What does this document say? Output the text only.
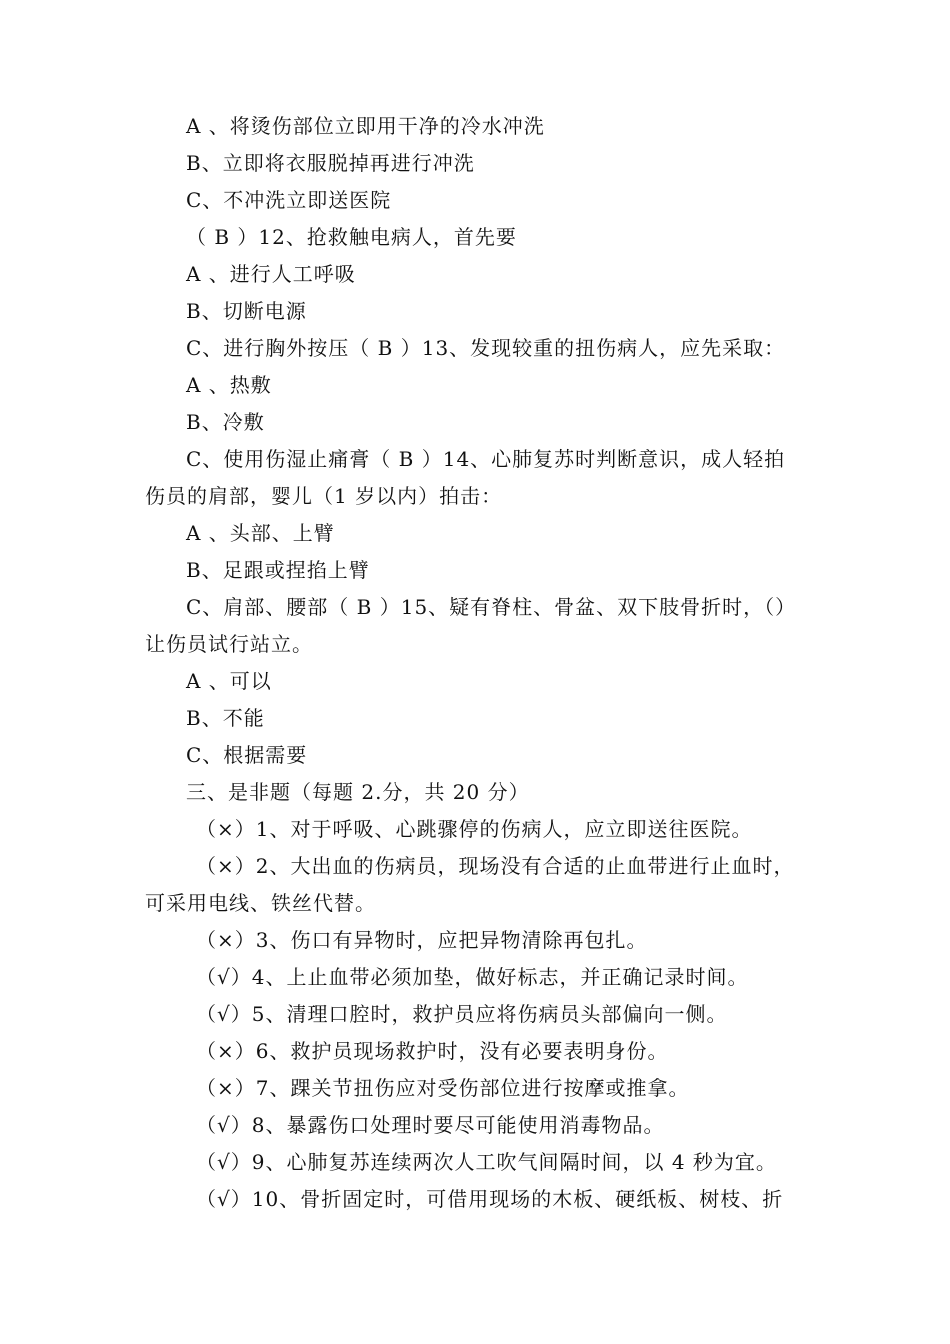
A 、将烫伤部位立即用干净的冷水冲洗
B、立即将衣服脱掉再进行冲洗
C、不冲洗立即送医院
（ B ）12、抢救触电病人，首先要
A 、进行人工呼吸
B、切断电源
C、进行胸外按压（ B ）13、发现较重的扭伤病人，应先采取：
A 、热敷
B、冷敷
C、使用伤湿止痛膏（ B ）14、心肺复苏时判断意识，成人轻拍
伤员的肩部，婴儿（1 岁以内）拍击：
A 、头部、上臂
B、足跟或捏掐上臂
C、肩部、腰部（ B ）15、疑有脊柱、骨盆、双下肢骨折时，（）
让伤员试行站立。
A 、可以
B、不能
C、根据需要
三、是非题（每题 2.分，共 20 分）
（×）1、对于呼吸、心跳骤停的伤病人，应立即送往医院。
（×）2、大出血的伤病员，现场没有合适的止血带进行止血时，
可采用电线、铁丝代替。
（×）3、伤口有异物时，应把异物清除再包扎。
（√）4、上止血带必须加垫，做好标志，并正确记录时间。
（√）5、清理口腔时，救护员应将伤病员头部偏向一侧。
（×）6、救护员现场救护时，没有必要表明身份。
（×）7、踝关节扭伤应对受伤部位进行按摩或推拿。
（√）8、暴露伤口处理时要尽可能使用消毒物品。
（√）9、心肺复苏连续两次人工吹气间隔时间，以 4 秒为宜。
（√）10、骨折固定时，可借用现场的木板、硬纸板、树枝、折
